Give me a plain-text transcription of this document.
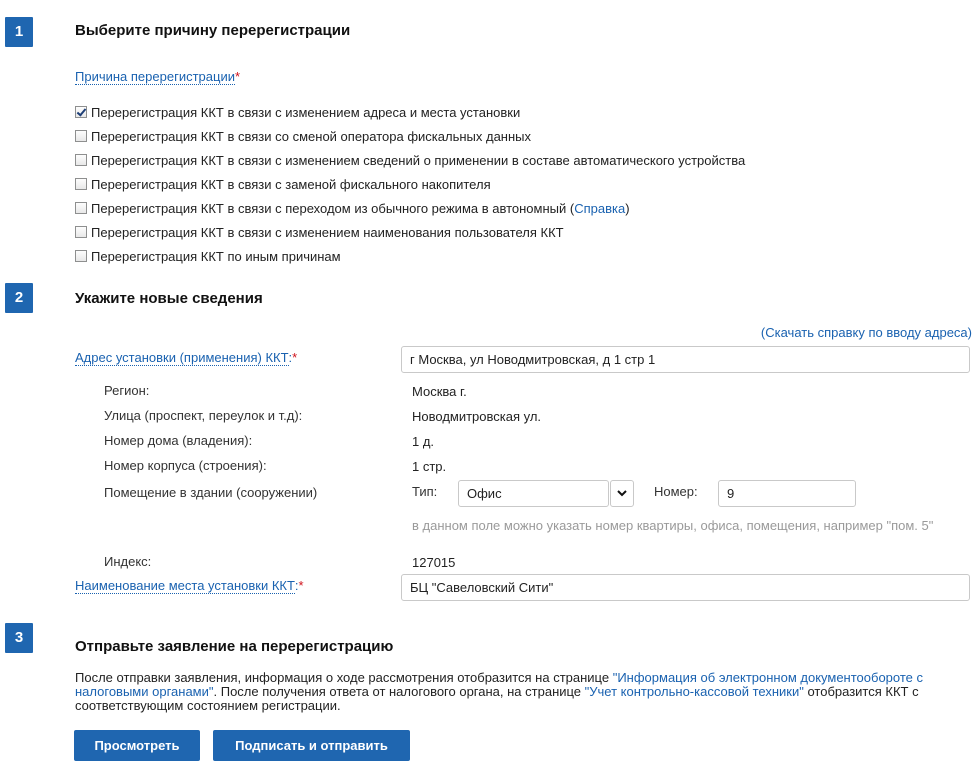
1	Выберите причину перерегистрации
Причина перерегистрации*
Перерегистрация ККТ в связи с изменением адреса и места установки
Перерегистрация ККТ в связи со сменой оператора фискальных данных
Перерегистрация ККТ в связи с изменением сведений о применении в составе автоматического устройства
Перерегистрация ККТ в связи с заменой фискального накопителя
Перерегистрация ККТ в связи с переходом из обычного режима в автономный (Справка)
Перерегистрация ККТ в связи с изменением наименования пользователя ККТ
Перерегистрация ККТ по иным причинам
2	Укажите новые сведения
(Скачать справку по вводу адреса)
Адрес установки (применения) ККТ:*	г Москва, ул Новодмитровская, д 1 стр 1
Регион:	Москва г.
Улица (проспект, переулок и т.д):	Новодмитровская ул.
Номер дома (владения):	1 д.
Номер корпуса (строения):	1 стр.
Помещение в здании (сооружении)	Тип:	Офис	Номер:	9
в данном поле можно указать номер квартиры, офиса, помещения, например "пом. 5"
Индекс:	127015
Наименование места установки ККТ:*	БЦ "Савеловский Сити"
3
Отправьте заявление на перерегистрацию
После отправки заявления, информация о ходе рассмотрения отобразится на странице "Информация об электронном документообороте с налоговыми органами". После получения ответа от налогового органа, на странице "Учет контрольно-кассовой техники" отобразится ККТ с соответствующим состоянием регистрации.
Просмотреть	Подписать и отправить
